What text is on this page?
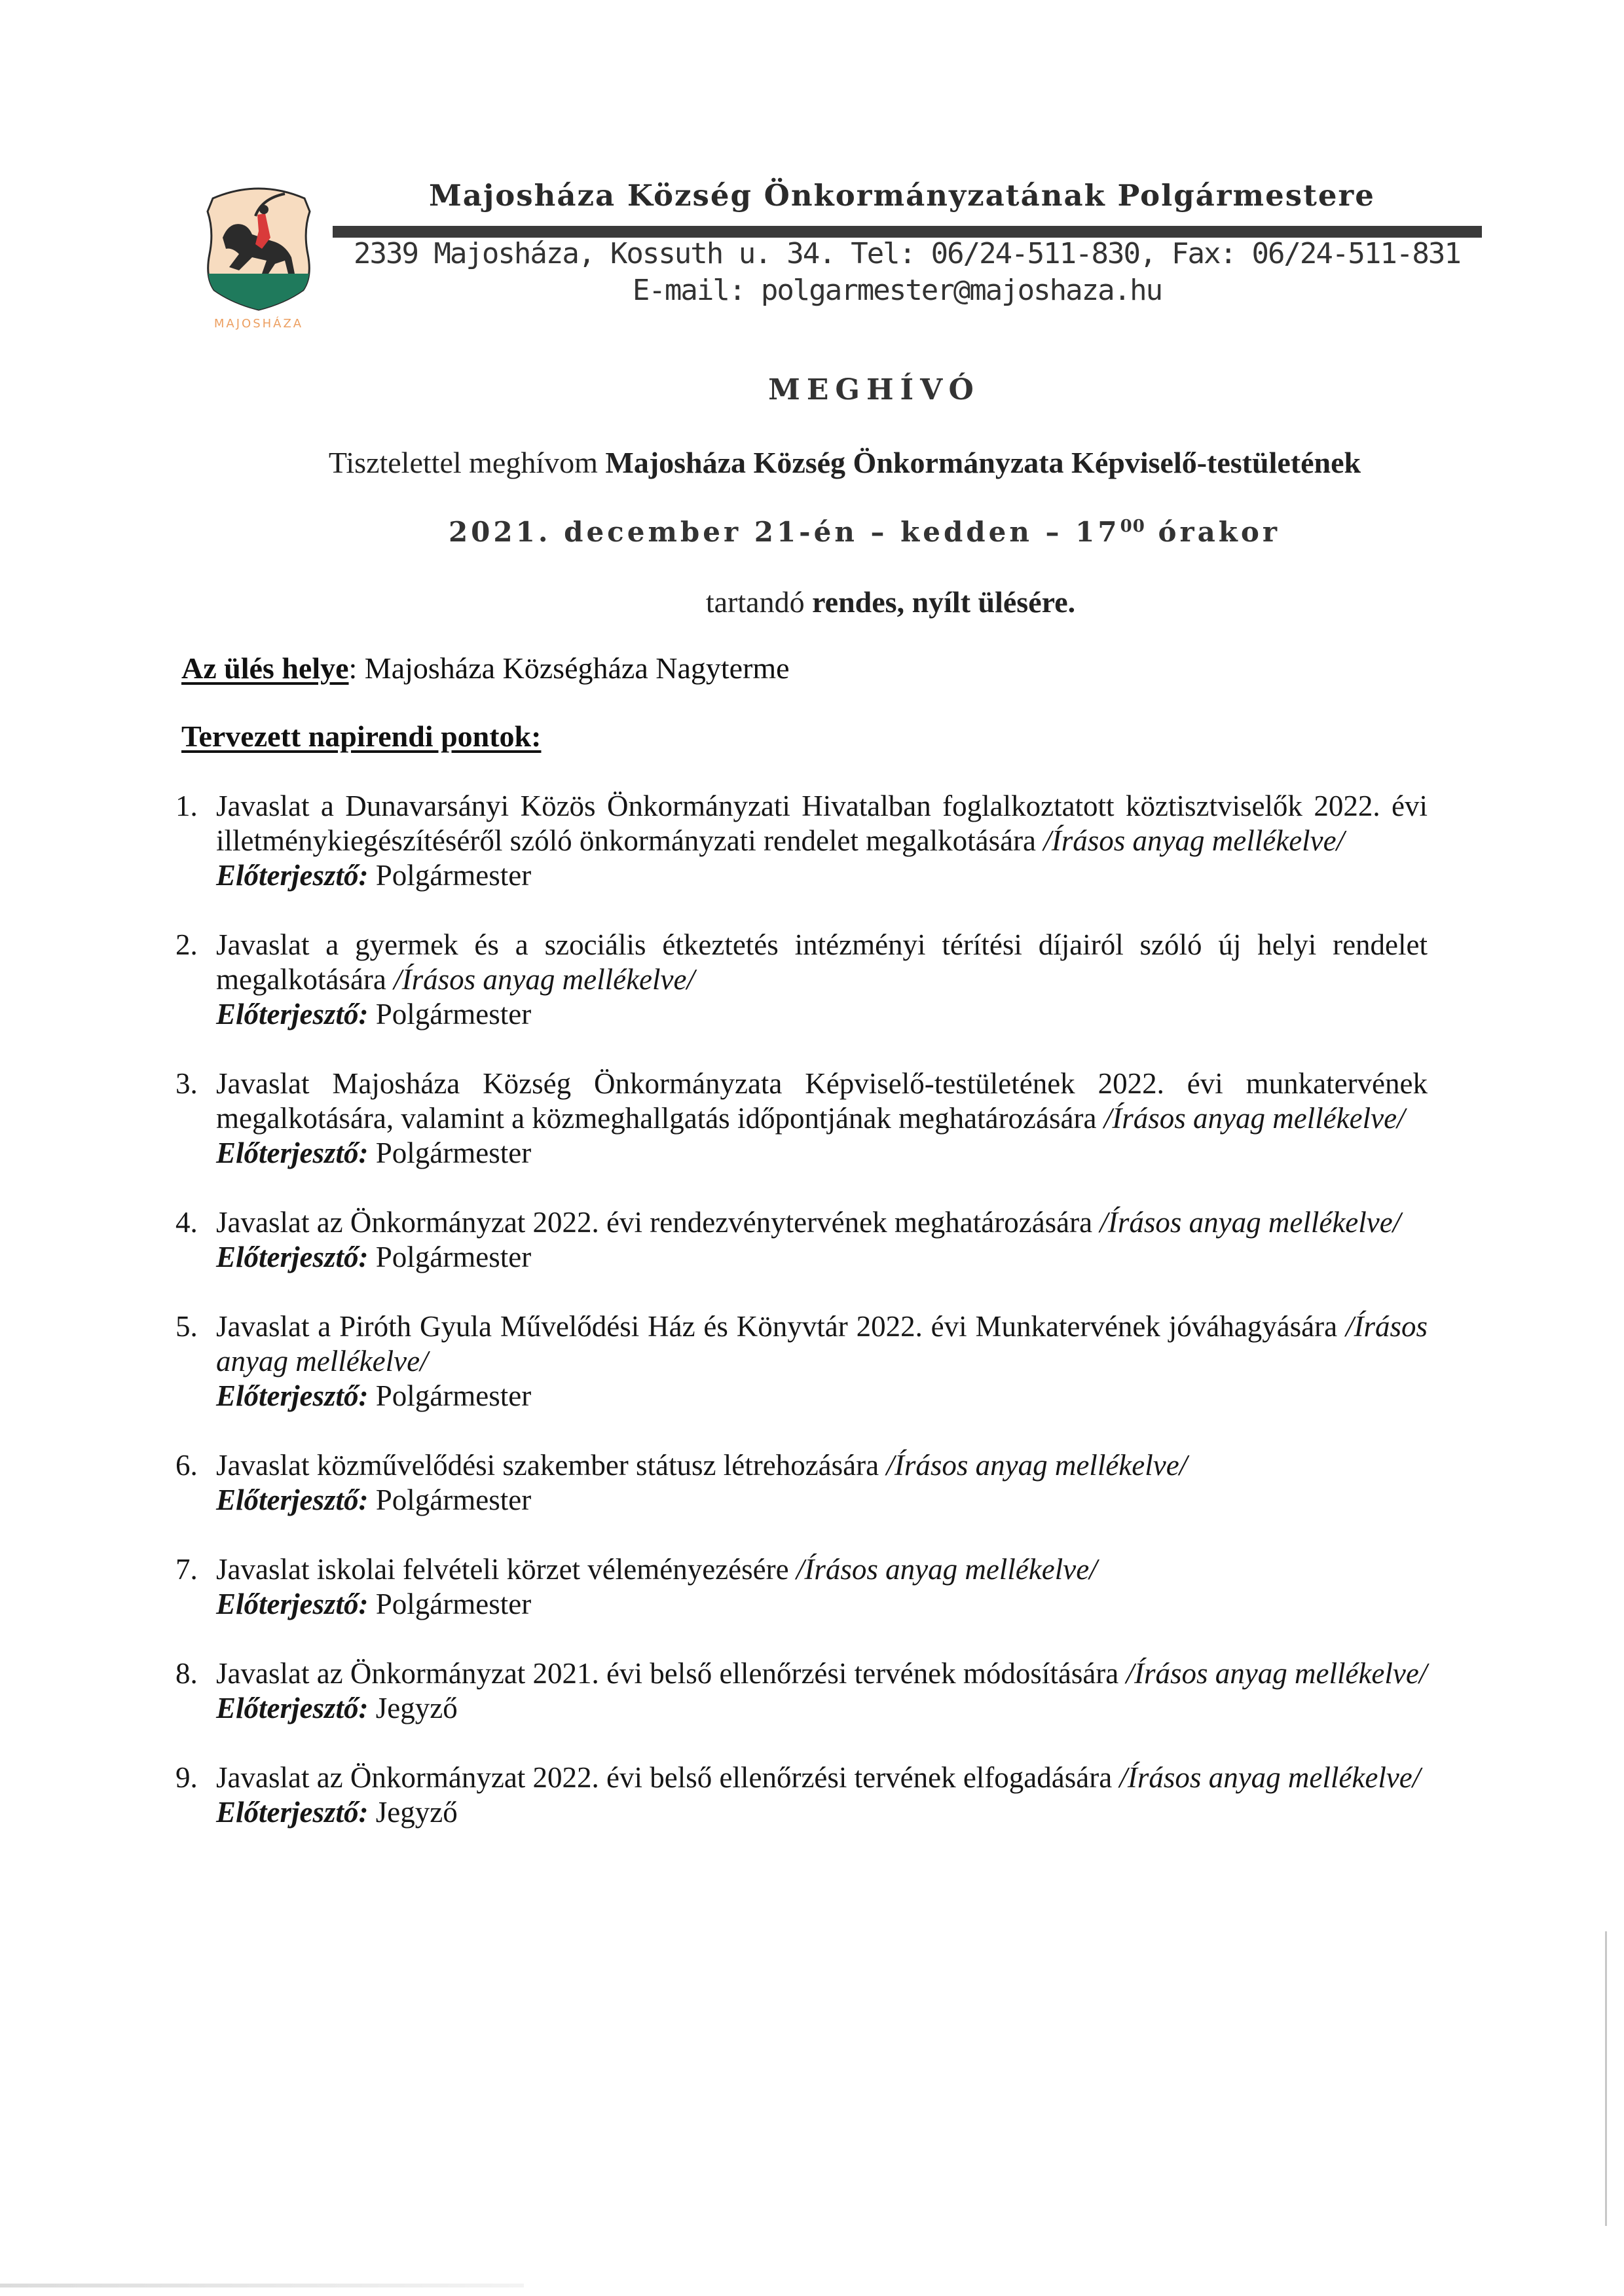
MAJOSHÁZA
Majosháza Község Önkormányzatának Polgármestere
2339 Majosháza, Kossuth u. 34. Tel: 06/24-511-830, Fax: 06/24-511-831
E-mail: polgarmester@majoshaza.hu
MEGHÍVÓ
Tisztelettel meghívom Majosháza Község Önkormányzata Képviselő-testületének
2021. december 21-én – kedden – $17^{00}$ órakor
tartandó rendes, nyílt ülésére.
Az ülés helye: Majosháza Községháza Nagyterme
Tervezett napirendi pontok:
1. Javaslat a Dunavarsányi Közös Önkormányzati Hivatalban foglalkoztatott köztisztviselők 2022. évi illetménykiegészítéséről szóló önkormányzati rendelet megalkotására /Írásos anyag mellékelve/
Előterjesztő: Polgármester
2. Javaslat a gyermek és a szociális étkeztetés intézményi térítési díjairól szóló új helyi rendelet megalkotására /Írásos anyag mellékelve/
Előterjesztő: Polgármester
3. Javaslat Majosháza Község Önkormányzata Képviselő-testületének 2022. évi munkatervének megalkotására, valamint a közmeghallgatás időpontjának meghatározására /Írásos anyag mellékelve/
Előterjesztő: Polgármester
4. Javaslat az Önkormányzat 2022. évi rendezvénytervének meghatározására /Írásos anyag mellékelve/
Előterjesztő: Polgármester
5. Javaslat a Piróth Gyula Művelődési Ház és Könyvtár 2022. évi Munkatervének jóváhagyására /Írásos anyag mellékelve/
Előterjesztő: Polgármester
6. Javaslat közművelődési szakember státusz létrehozására /Írásos anyag mellékelve/
Előterjesztő: Polgármester
7. Javaslat iskolai felvételi körzet véleményezésére /Írásos anyag mellékelve/
Előterjesztő: Polgármester
8. Javaslat az Önkormányzat 2021. évi belső ellenőrzési tervének módosítására /Írásos anyag mellékelve/
Előterjesztő: Jegyző
9. Javaslat az Önkormányzat 2022. évi belső ellenőrzési tervének elfogadására /Írásos anyag mellékelve/
Előterjesztő: Jegyző
